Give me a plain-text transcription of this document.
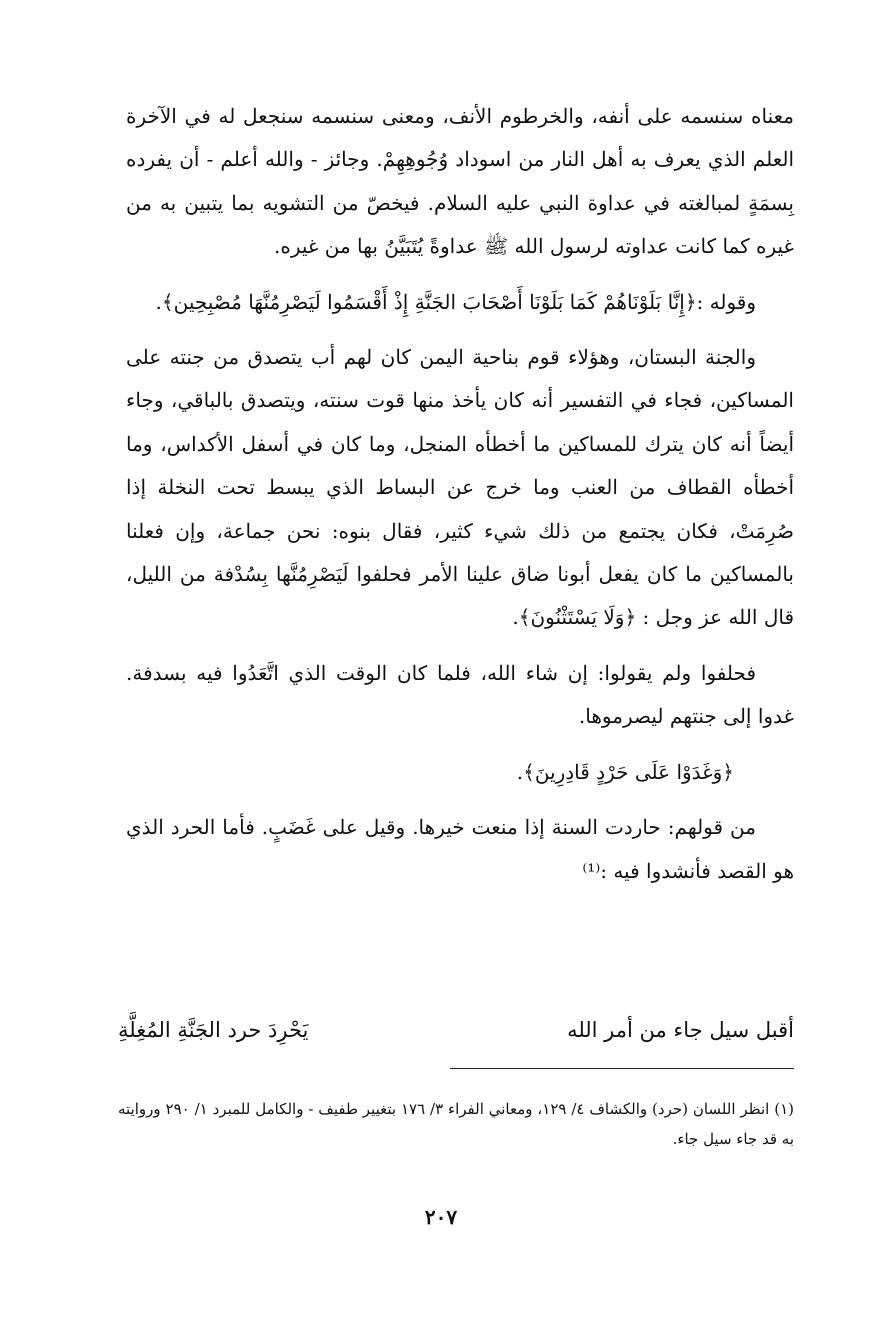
معناه سنسمه على أنفه، والخرطوم الأنف، ومعنى سنسمه سنجعل له في الآخرة العلم الذي يعرف به أهل النار من اسوداد وُجُوهِهِمْ. وجائز - والله أعلم - أن يفرده بِسمَةٍ لمبالغته في عداوة النبي عليه السلام. فيخصّ من التشويه بما يتبين به من غيره كما كانت عداوته لرسول الله ﷺ عداوةً يُتَبَيَّنُ بها من غيره.

وقوله :﴿إِنَّا بَلَوْنَاهُمْ كَمَا بَلَوْنَا أَصْحَابَ الجَنَّةِ إِذْ أَقْسَمُوا لَيَصْرِمُنَّهَا مُصْبِحِين﴾.

والجنة البستان، وهؤلاء قوم بناحية اليمن كان لهم أب يتصدق من جنته على المساكين، فجاء في التفسير أنه كان يأخذ منها قوت سنته، ويتصدق بالباقي، وجاء أيضاً أنه كان يترك للمساكين ما أخطأه المنجل، وما كان في أسفل الأكداس، وما أخطأه القطاف من العنب وما خرج عن البساط الذي يبسط تحت النخلة إذا صُرِمَتْ، فكان يجتمع من ذلك شيء كثير، فقال بنوه: نحن جماعة، وإن فعلنا بالمساكين ما كان يفعل أبونا ضاق علينا الأمر فحلفوا لَيَصْرِمُنَّها بِسُدْفة من الليل، قال الله عز وجل : ﴿وَلَا يَسْتَثْنُونَ﴾.

فحلفوا ولم يقولوا: إن شاء الله، فلما كان الوقت الذي اتَّعَدُوا فيه بسدفة. غدوا إلى جنتهم ليصرموها.

﴿وَغَدَوْا عَلَى حَرْدٍ قَادِرِينَ﴾.

من قولهم: حاردت السنة إذا منعت خيرها. وقيل على غَضَبٍ. فأما الحرد الذي هو القصد فأنشدوا فيه :⁽¹⁾

أقبل سيل جاء من أمر الله
يَحْرِدَ حرد الجَنَّةِ المُغِلَّةِ

(١) انظر اللسان (حرد) والكشاف ٤/ ١٢٩، ومعاني الفراء ٣/ ١٧٦ بتغيير طفيف - والكامل للمبرد ١/ ٢٩٠ وروايته به قد جاء سيل جاء.

٢٠٧
